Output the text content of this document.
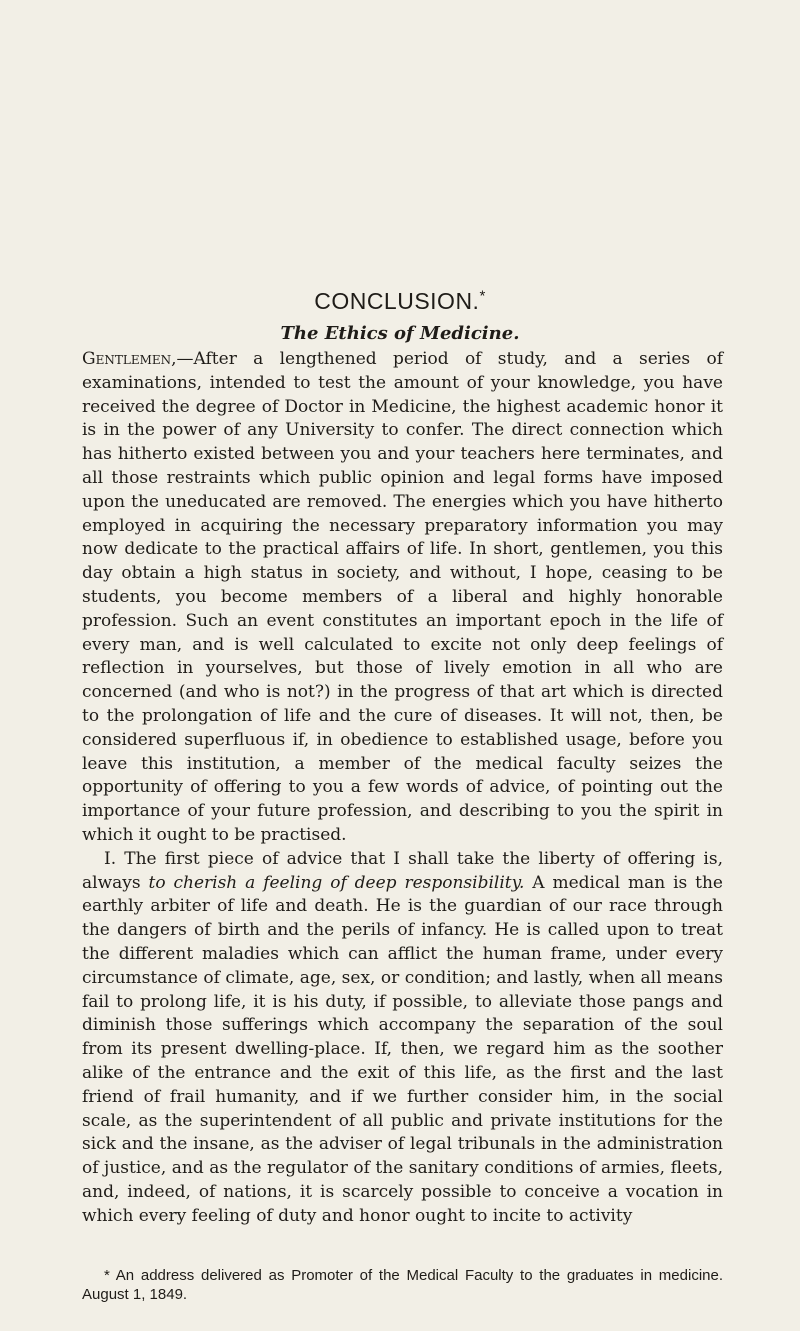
CONCLUSION.*
The Ethics of Medicine.

Gentlemen,—After a lengthened period of study, and a series of examinations, intended to test the amount of your knowledge, you have received the degree of Doctor in Medicine, the highest academic honor it is in the power of any University to confer. The direct connection which has hitherto existed between you and your teachers here terminates, and all those restraints which public opinion and legal forms have imposed upon the uneducated are removed. The energies which you have hitherto employed in acquiring the necessary preparatory information you may now dedicate to the practical affairs of life. In short, gentlemen, you this day obtain a high status in society, and without, I hope, ceasing to be students, you become members of a liberal and highly honorable profession. Such an event constitutes an important epoch in the life of every man, and is well calculated to excite not only deep feelings of reflection in yourselves, but those of lively emotion in all who are concerned (and who is not?) in the progress of that art which is directed to the prolongation of life and the cure of diseases. It will not, then, be considered superfluous if, in obedience to established usage, before you leave this institution, a member of the medical faculty seizes the opportunity of offering to you a few words of advice, of pointing out the importance of your future profession, and describing to you the spirit in which it ought to be practised.

I. The first piece of advice that I shall take the liberty of offering is, always to cherish a feeling of deep responsibility. A medical man is the earthly arbiter of life and death. He is the guardian of our race through the dangers of birth and the perils of infancy. He is called upon to treat the different maladies which can afflict the human frame, under every circumstance of climate, age, sex, or condition; and lastly, when all means fail to prolong life, it is his duty, if possible, to alleviate those pangs and diminish those sufferings which accompany the separation of the soul from its present dwelling-place. If, then, we regard him as the soother alike of the entrance and the exit of this life, as the first and the last friend of frail humanity, and if we further consider him, in the social scale, as the superintendent of all public and private institutions for the sick and the insane, as the adviser of legal tribunals in the administration of justice, and as the regulator of the sanitary conditions of armies, fleets, and, indeed, of nations, it is scarcely possible to conceive a vocation in which every feeling of duty and honor ought to incite to activity

* An address delivered as Promoter of the Medical Faculty to the graduates in medicine. August 1, 1849.
